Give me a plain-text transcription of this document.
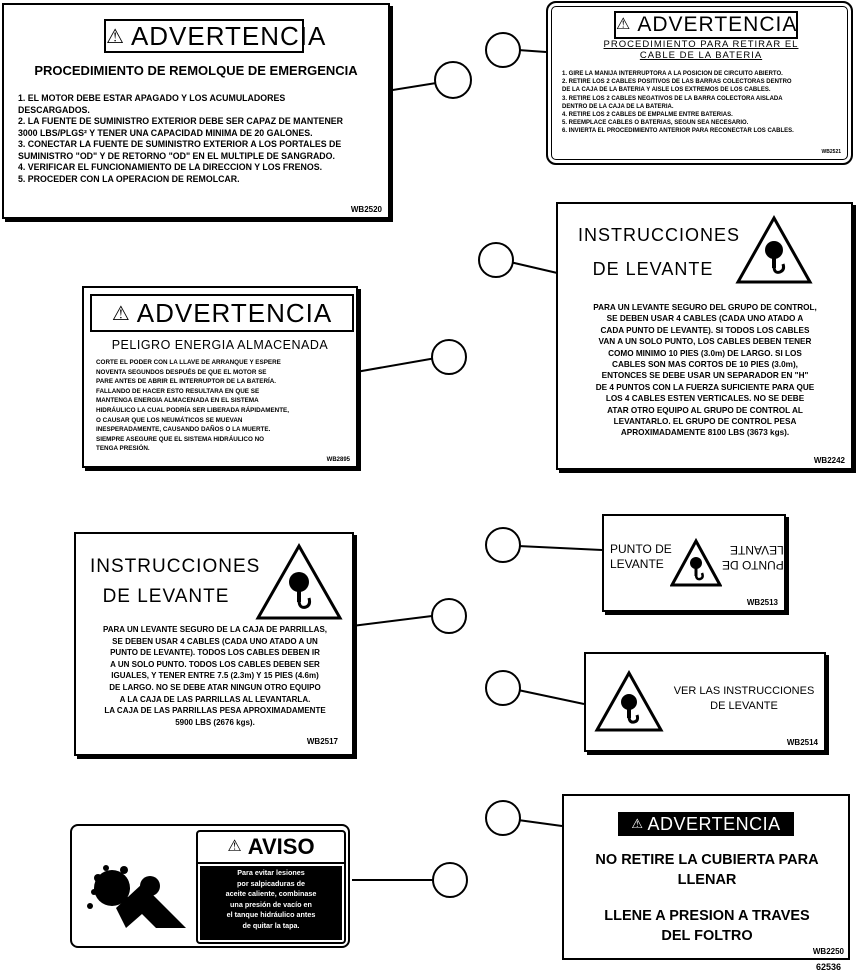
⚠ ADVERTENCIA
PROCEDIMIENTO DE REMOLQUE DE EMERGENCIA

1. EL MOTOR DEBE ESTAR APAGADO Y LOS ACUMULADORES

DESCARGADOS.

2. LA FUENTE DE SUMINISTRO EXTERIOR DEBE SER CAPAZ DE MANTENER

3000 LBS/PLGS² Y TENER UNA CAPACIDAD MINIMA DE 20 GALONES.

3. CONECTAR LA FUENTE DE SUMINISTRO EXTERIOR A LOS PORTALES DE

SUMINISTRO "OD" Y DE RETORNO "OD" EN EL MULTIPLE DE SANGRADO.

4. VERIFICAR EL FUNCIONAMIENTO DE LA DIRECCION Y LOS FRENOS.

5. PROCEDER CON LA OPERACION DE REMOLCAR.

WB2520
⚠ ADVERTENCIA
PROCEDIMIENTO PARA RETIRAR EL
CABLE DE LA BATERIA

1. GIRE LA MANIJA INTERRUPTORA A LA POSICION DE CIRCUITO ABIERTO.

2. RETIRE LOS 2 CABLES POSITIVOS DE LAS BARRAS COLECTORAS DENTRO

DE LA CAJA DE LA BATERIA Y AISLE LOS EXTREMOS DE LOS CABLES.

3. RETIRE LOS 2 CABLES NEGATIVOS DE LA BARRA COLECTORA AISLADA

DENTRO DE LA CAJA DE LA BATERIA.

4. RETIRE LOS 2 CABLES DE EMPALME ENTRE BATERIAS.

5. REEMPLACE CABLES O BATERIAS, SEGUN SEA NECESARIO.

6. INVIERTA EL PROCEDIMIENTO ANTERIOR PARA RECONECTAR LOS CABLES.

WB2521
INSTRUCCIONES
DE LEVANTE

PARA UN LEVANTE SEGURO DEL GRUPO DE CONTROL,

SE DEBEN USAR 4 CABLES (CADA UNO ATADO A

CADA PUNTO DE LEVANTE). SI TODOS LOS CABLES

VAN A UN SOLO PUNTO, LOS CABLES DEBEN TENER

COMO MINIMO 10 PIES (3.0m) DE LARGO. SI LOS

CABLES SON MAS CORTOS DE 10 PIES (3.0m),

ENTONCES SE DEBE USAR UN SEPARADOR EN "H"

DE 4 PUNTOS CON LA FUERZA SUFICIENTE PARA QUE

LOS 4 CABLES ESTEN VERTICALES. NO SE DEBE

ATAR OTRO EQUIPO AL GRUPO DE CONTROL AL

LEVANTARLO. EL GRUPO DE CONTROL PESA

APROXIMADAMENTE 8100 LBS (3673 kgs).

WB2242
⚠ ADVERTENCIA
PELIGRO ENERGIA ALMACENADA

CORTE EL PODER CON LA LLAVE DE ARRANQUE Y ESPERE

NOVENTA SEGUNDOS DESPUÉS DE QUE EL MOTOR SE

PARE ANTES DE ABRIR EL INTERRUPTOR DE LA BATERÍA.

FALLANDO DE HACER ESTO RESULTARA EN QUE SE

MANTENGA ENERGIA ALMACENADA EN EL SISTEMA

HIDRÁULICO LA CUAL PODRÍA SER LIBERADA RÁPIDAMENTE,

O CAUSAR QUE LOS NEUMÁTICOS SE MUEVAN

INESPERADAMENTE, CAUSANDO DAÑOS O LA MUERTE.

SIEMPRE ASEGURE QUE EL SISTEMA HIDRÁULICO NO

TENGA PRESIÓN.

WB2895
INSTRUCCIONES
DE LEVANTE

PARA UN LEVANTE SEGURO DE LA CAJA DE PARRILLAS,

SE DEBEN USAR 4 CABLES (CADA UNO ATADO A UN

PUNTO DE LEVANTE). TODOS LOS CABLES DEBEN IR

A UN SOLO PUNTO. TODOS LOS CABLES DEBEN SER

IGUALES, Y TENER ENTRE 7.5 (2.3m) Y 15 PIES (4.6m)

DE LARGO. NO SE DEBE ATAR NINGUN OTRO EQUIPO

A LA CAJA DE LAS PARRILLAS AL LEVANTARLA.

LA CAJA DE LAS PARRILLAS PESA APROXIMADAMENTE

5900 LBS (2676 kgs).

WB2517
PUNTO DE
LEVANTE	PUNTO DE
LEVANTE
WB2513
VER LAS INSTRUCCIONES
DE LEVANTE
WB2514
⚠ AVISO
Para evitar lesiones
por salpicaduras de
aceite caliente, combinase
una presión de vacío en
el tanque hidráulico antes
de quitar la tapa.
WB-2542
⚠ ADVERTENCIA
NO RETIRE LA CUBIERTA PARA
LLENAR
LLENE A PRESION A TRAVES
DEL FOLTRO
WB2250
62536
